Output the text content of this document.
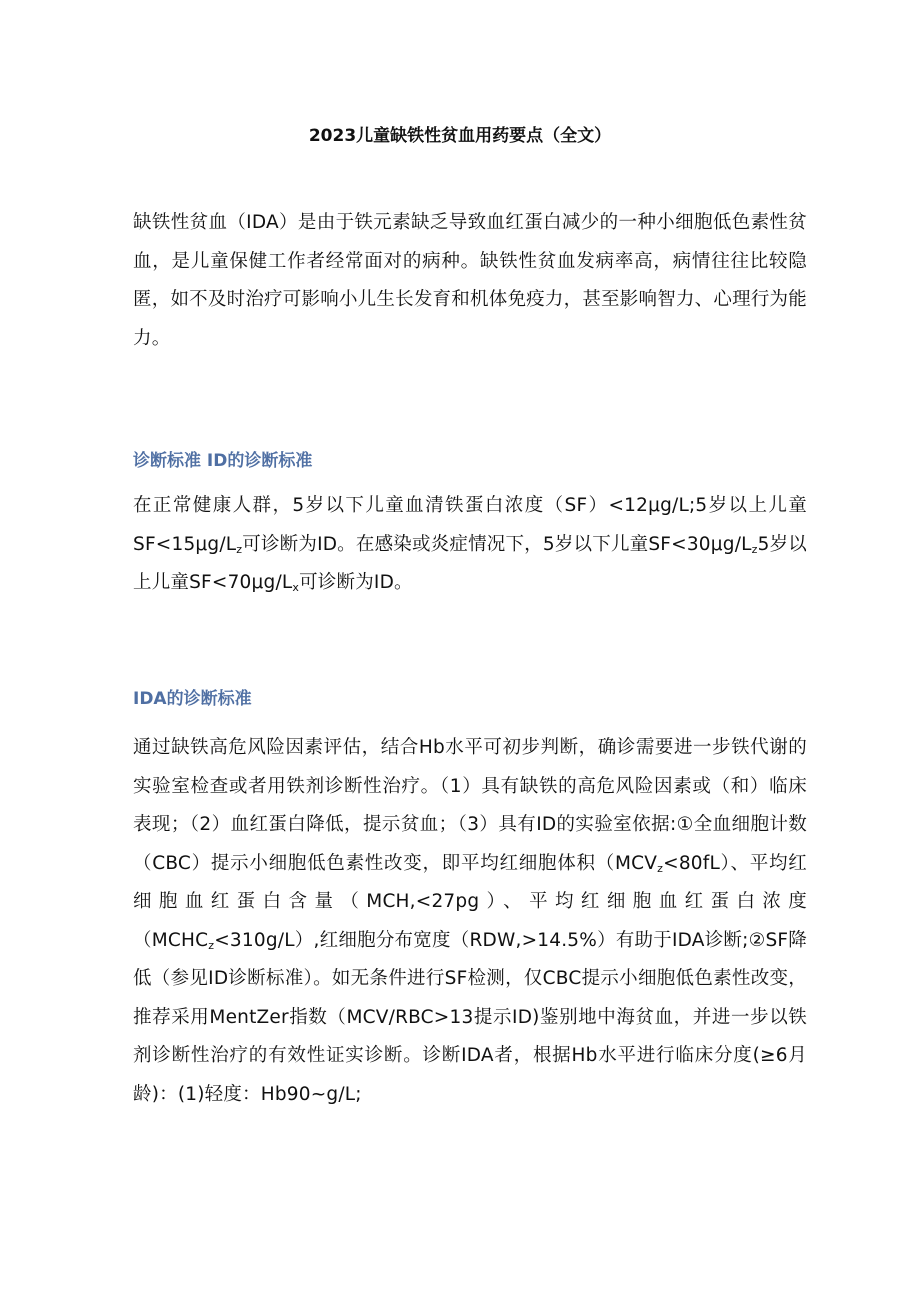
2023儿童缺铁性贫血用药要点（全文）

缺铁性贫血（IDA）是由于铁元素缺乏导致血红蛋白减少的一种小细胞低色素性贫血，是儿童保健工作者经常面对的病种。缺铁性贫血发病率高，病情往往比较隐匿，如不及时治疗可影响小儿生长发育和机体免疫力，甚至影响智力、心理行为能力。

诊断标准 ID的诊断标准

在正常健康人群，5岁以下儿童血清铁蛋白浓度（SF）<12μg/L;5岁以上儿童$SF<15\mu g/L_z$可诊断为ID。在感染或炎症情况下，5岁以下儿童$SF<30\mu g/L_z5$岁以上儿童$SF<70\mu g/L_x$可诊断为ID。

IDA的诊断标准

通过缺铁高危风险因素评估，结合Hb水平可初步判断，确诊需要进一步铁代谢的实验室检查或者用铁剂诊断性治疗。（1）具有缺铁的高危风险因素或（和）临床表现；（2）血红蛋白降低，提示贫血；（3）具有ID的实验室依据:①全血细胞计数（CBC）提示小细胞低色素性改变，即平均红细胞体积$(MCV_z<80fL)$、平均红细胞血红蛋白含量（MCH,<27pg）、平均红细胞血红蛋白浓度$(MCHC_z<310g/L)$,红细胞分布宽度（RDW,>14.5%）有助于IDA诊断;②SF降低（参见ID诊断标准）。如无条件进行SF检测，仅CBC提示小细胞低色素性改变，推荐采用MentZer指数（MCV/RBC>13提示ID)鉴别地中海贫血，并进一步以铁剂诊断性治疗的有效性证实诊断。诊断IDA者，根据Hb水平进行临床分度(≥6月龄)：(1)轻度：Hb90~g/L;
